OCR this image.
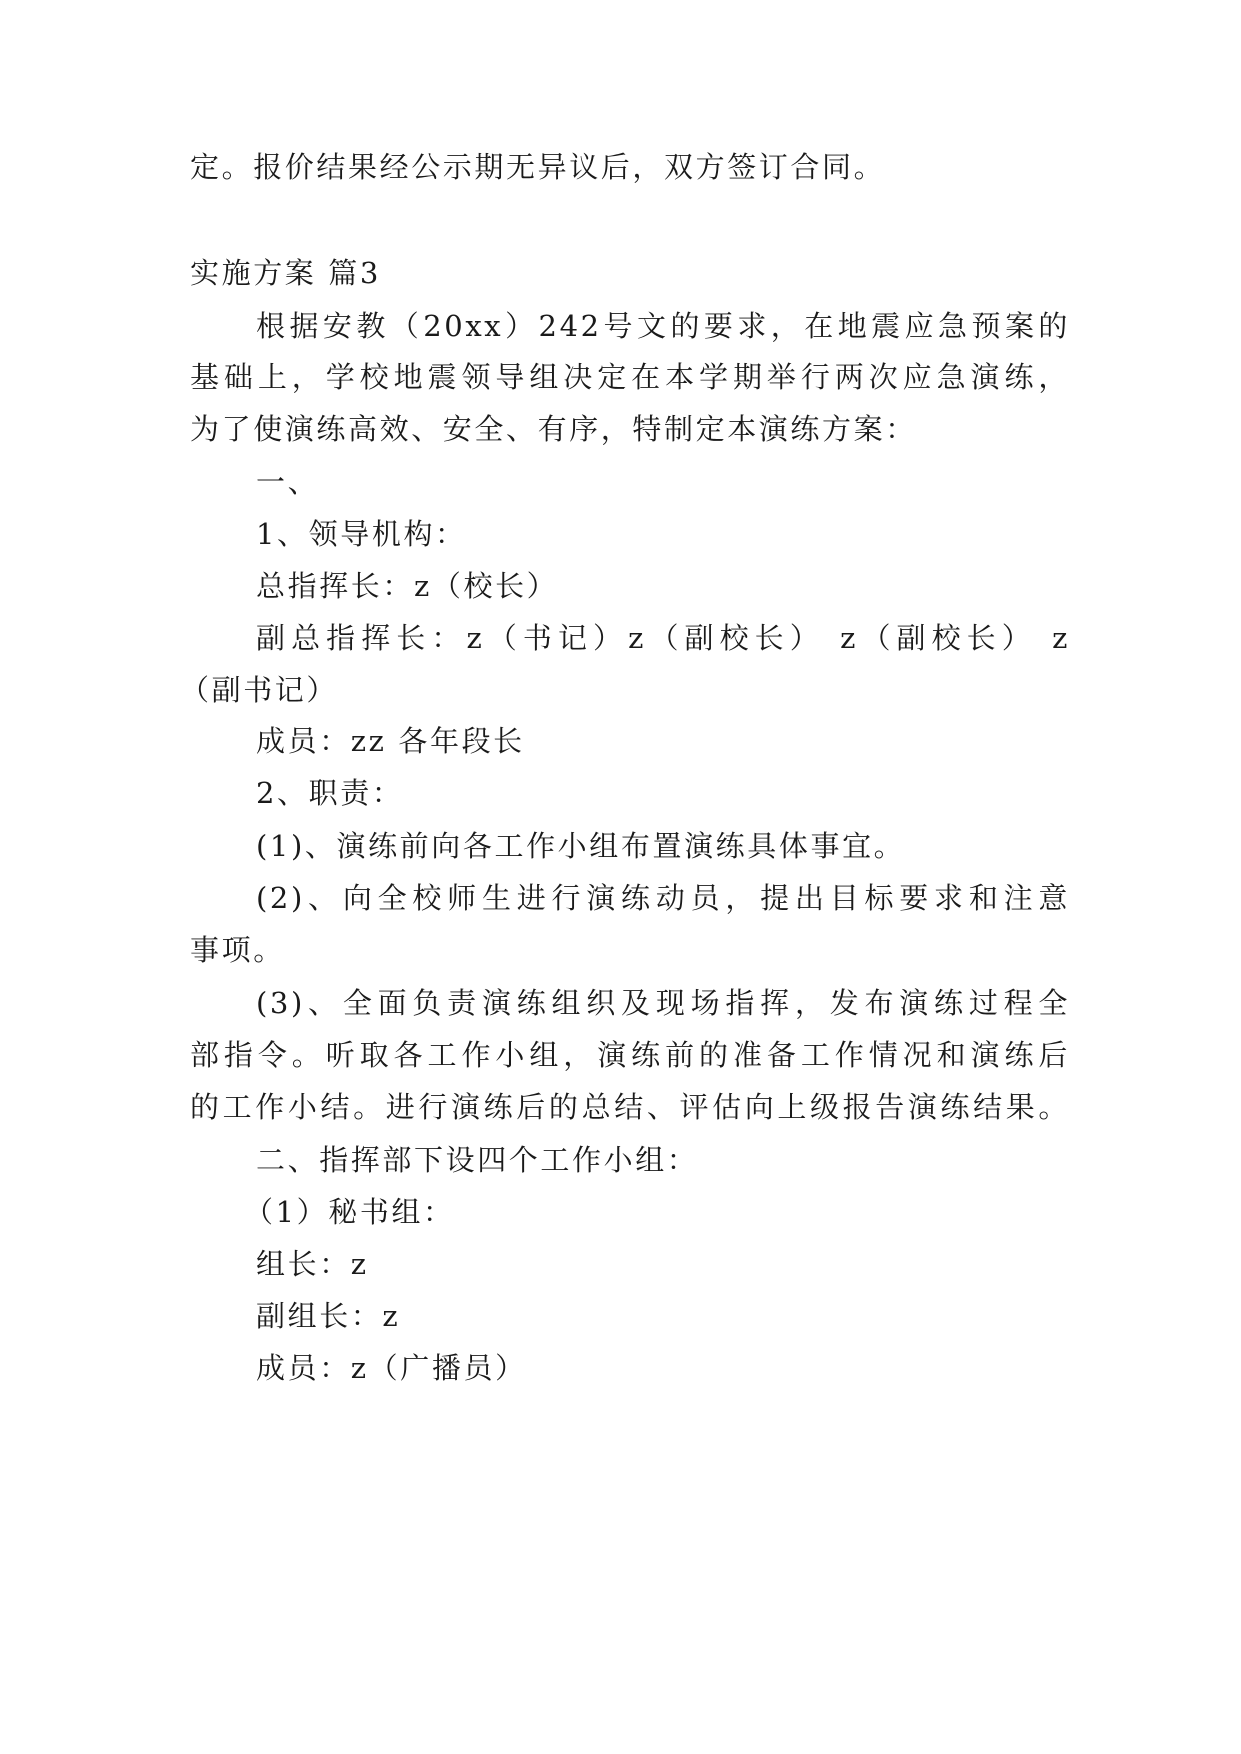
定。报价结果经公示期无异议后，双方签订合同。
实施方案 篇3
根据安教（20xx）242号文的要求，在地震应急预案的
基础上，学校地震领导组决定在本学期举行两次应急演练，
为了使演练高效、安全、有序，特制定本演练方案：
一、
1、领导机构：
总指挥长：z（校长）
副总指挥长：z（书记）z（副校长） z（副校长） z
（副书记）
成员：zz 各年段长
2、职责：
(1)、演练前向各工作小组布置演练具体事宜。
(2)、向全校师生进行演练动员，提出目标要求和注意
事项。
(3)、全面负责演练组织及现场指挥，发布演练过程全
部指令。听取各工作小组，演练前的准备工作情况和演练后
的工作小结。进行演练后的总结、评估向上级报告演练结果。
二、指挥部下设四个工作小组：
（1）秘书组：
组长：z
副组长：z
成员：z（广播员）
